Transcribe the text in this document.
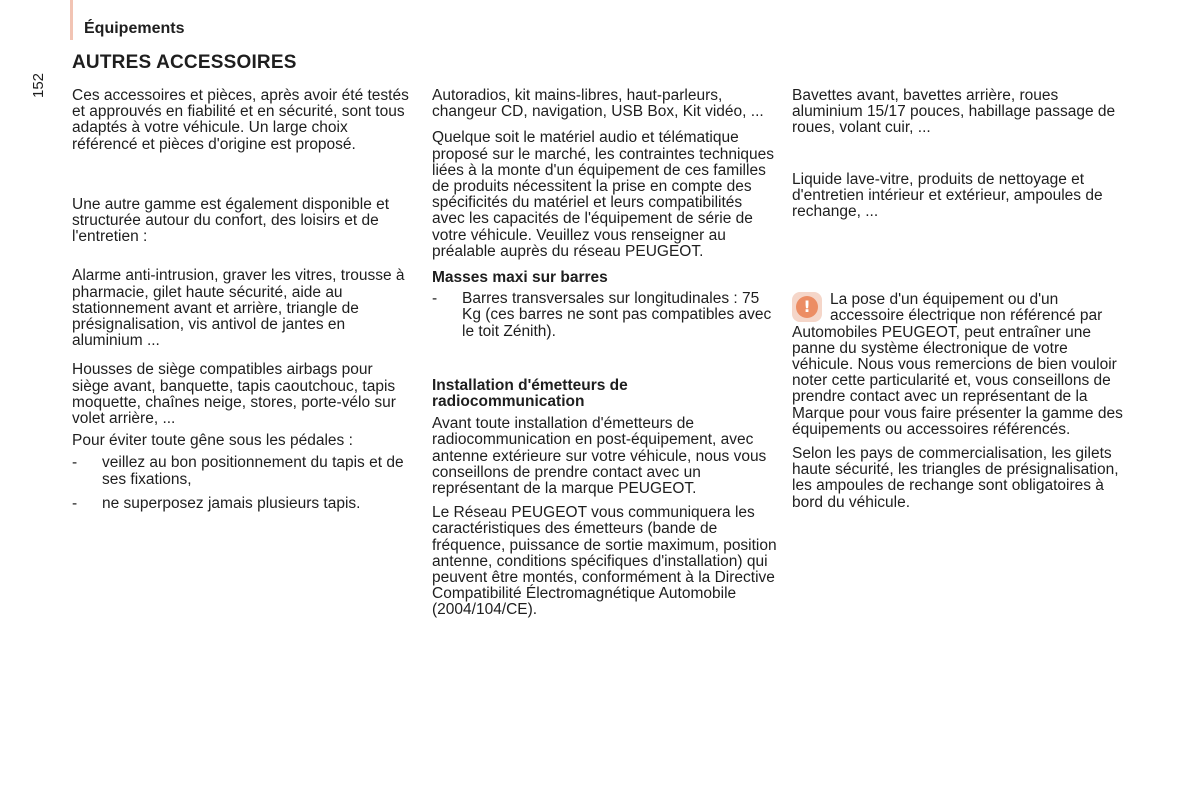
Équipements
152
AUTRES ACCESSOIRES

Ces accessoires et pièces, après avoir été testés et approuvés en fiabilité et en sécurité, sont tous adaptés à votre véhicule. Un large choix référencé et pièces d'origine est proposé.

Une autre gamme est également disponible et structurée autour du confort, des loisirs et de l'entretien :

Alarme anti-intrusion, graver les vitres, trousse à pharmacie, gilet haute sécurité, aide au stationnement avant et arrière, triangle de présignalisation, vis antivol de jantes en aluminium ...

Housses de siège compatibles airbags pour siège avant, banquette, tapis caoutchouc, tapis moquette, chaînes neige, stores, porte-vélo sur volet arrière, ...

Pour éviter toute gêne sous les pédales :

- veillez au bon positionnement du tapis et de ses fixations,
- ne superposez jamais plusieurs tapis.

Autoradios, kit mains-libres, haut-parleurs, changeur CD, navigation, USB Box, Kit vidéo, ...

Quelque soit le matériel audio et télématique proposé sur le marché, les contraintes techniques liées à la monte d'un équipement de ces familles de produits nécessitent la prise en compte des spécificités du matériel et leurs compatibilités avec les capacités de l'équipement de série de votre véhicule. Veuillez vous renseigner au préalable auprès du réseau PEUGEOT.

Masses maxi sur barres
- Barres transversales sur longitudinales : 75 Kg (ces barres ne sont pas compatibles avec le toit Zénith).
Installation d'émetteurs de radiocommunication

Avant toute installation d'émetteurs de radiocommunication en post-équipement, avec antenne extérieure sur votre véhicule, nous vous conseillons de prendre contact avec un représentant de la marque PEUGEOT.

Le Réseau PEUGEOT vous communiquera les caractéristiques des émetteurs (bande de fréquence, puissance de sortie maximum, position antenne, conditions spécifiques d'installation) qui peuvent être montés, conformément à la Directive Compatibilité Électromagnétique Automobile (2004/104/CE).

Bavettes avant, bavettes arrière, roues aluminium 15/17 pouces, habillage passage de roues, volant cuir, ...

Liquide lave-vitre, produits de nettoyage et d'entretien intérieur et extérieur, ampoules de rechange, ...

!	La pose d'un équipement ou d'un accessoire électrique non référencé par Automobiles PEUGEOT, peut entraîner une panne du système électronique de votre véhicule. Nous vous remercions de bien vouloir noter cette particularité et, vous conseillons de prendre contact avec un représentant de la Marque pour vous faire présenter la gamme des équipements ou accessoires référencés.

Selon les pays de commercialisation, les gilets haute sécurité, les triangles de présignalisation, les ampoules de rechange sont obligatoires à bord du véhicule.
